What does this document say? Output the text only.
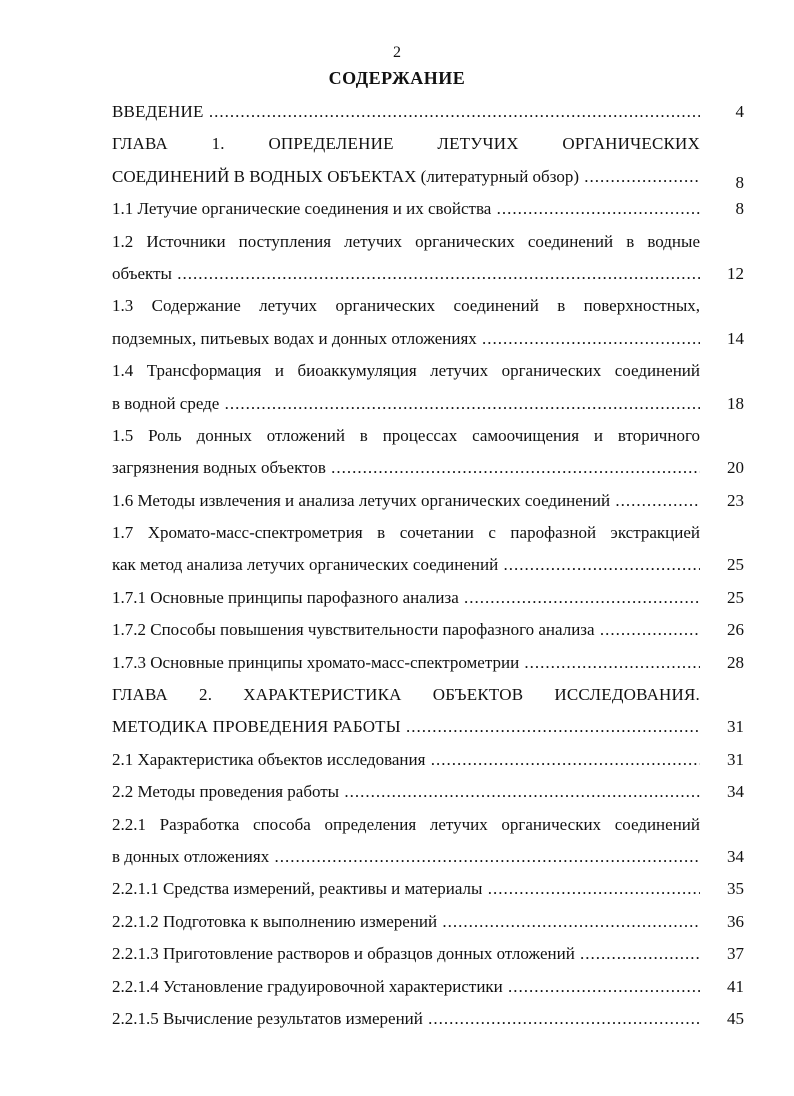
2
СОДЕРЖАНИЕ
ВВЕДЕНИЕ .....	4
ГЛАВА 1. ОПРЕДЕЛЕНИЕ ЛЕТУЧИХ ОРГАНИЧЕСКИХ
СОЕДИНЕНИЙ В ВОДНЫХ ОБЪЕКТАХ (литературный обзор) .....	8
1.1 Летучие органические соединения и их свойства .....	8
1.2 Источники поступления летучих органических соединений в водные
объекты .....	12
1.3 Содержание летучих органических соединений в поверхностных,
подземных, питьевых водах и донных отложениях .....	14
1.4 Трансформация и биоаккумуляция летучих органических соединений
в водной среде .....	18
1.5 Роль донных отложений в процессах самоочищения и вторичного
загрязнения водных объектов .....	20
1.6 Методы извлечения и анализа летучих органических соединений .....	23
1.7 Хромато-масс-спектрометрия в сочетании с парофазной экстракцией
как метод анализа летучих органических соединений .....	25
1.7.1 Основные принципы парофазного анализа .....	25
1.7.2 Способы повышения чувствительности парофазного анализа .....	26
1.7.3 Основные принципы хромато-масс-спектрометрии .....	28
ГЛАВА 2. ХАРАКТЕРИСТИКА ОБЪЕКТОВ ИССЛЕДОВАНИЯ.
МЕТОДИКА ПРОВЕДЕНИЯ РАБОТЫ .....	31
2.1 Характеристика объектов исследования .....	31
2.2 Методы проведения работы .....	34
2.2.1 Разработка способа определения летучих органических соединений
в донных отложениях .....	34
2.2.1.1 Средства измерений, реактивы и материалы .....	35
2.2.1.2 Подготовка к выполнению измерений .....	36
2.2.1.3 Приготовление растворов и образцов донных отложений .....	37
2.2.1.4 Установление градуировочной характеристики .....	41
2.2.1.5 Вычисление результатов измерений .....	45
